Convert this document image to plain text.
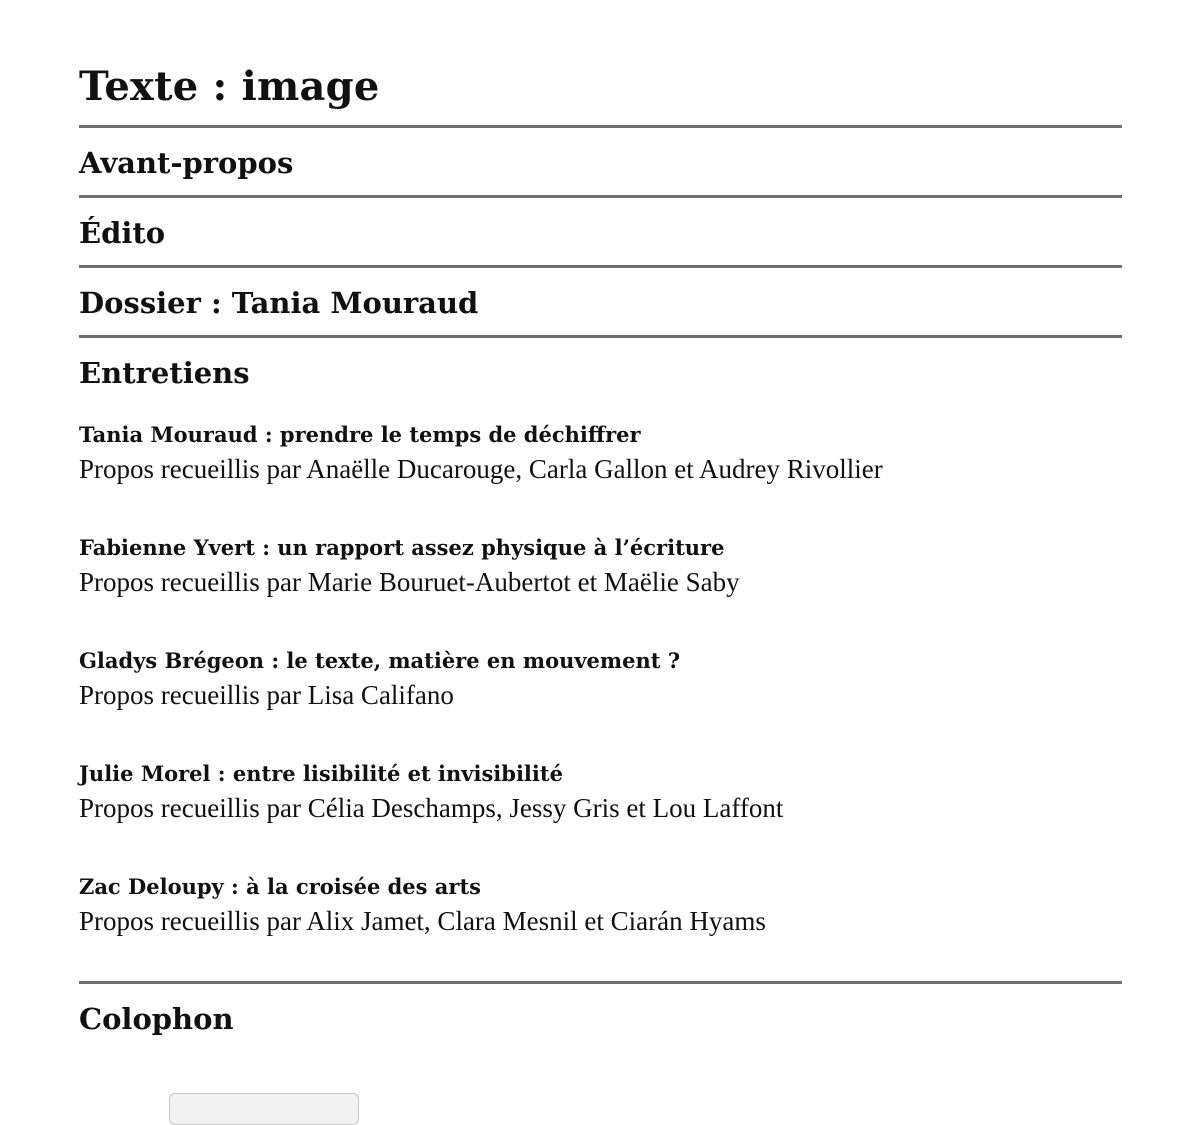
Texte : image
Avant-propos
Édito
Dossier : Tania Mouraud
Entretiens
Tania Mouraud : prendre le temps de déchiffrer
Propos recueillis par Anaëlle Ducarouge, Carla Gallon et Audrey Rivollier
Fabienne Yvert : un rapport assez physique à l’écriture
Propos recueillis par Marie Bouruet-Aubertot et Maëlie Saby
Gladys Brégeon : le texte, matière en mouvement ?
Propos recueillis par Lisa Califano
Julie Morel : entre lisibilité et invisibilité
Propos recueillis par Célia Deschamps, Jessy Gris et Lou Laffont
Zac Deloupy : à la croisée des arts
Propos recueillis par Alix Jamet, Clara Mesnil et Ciarán Hyams
Colophon
